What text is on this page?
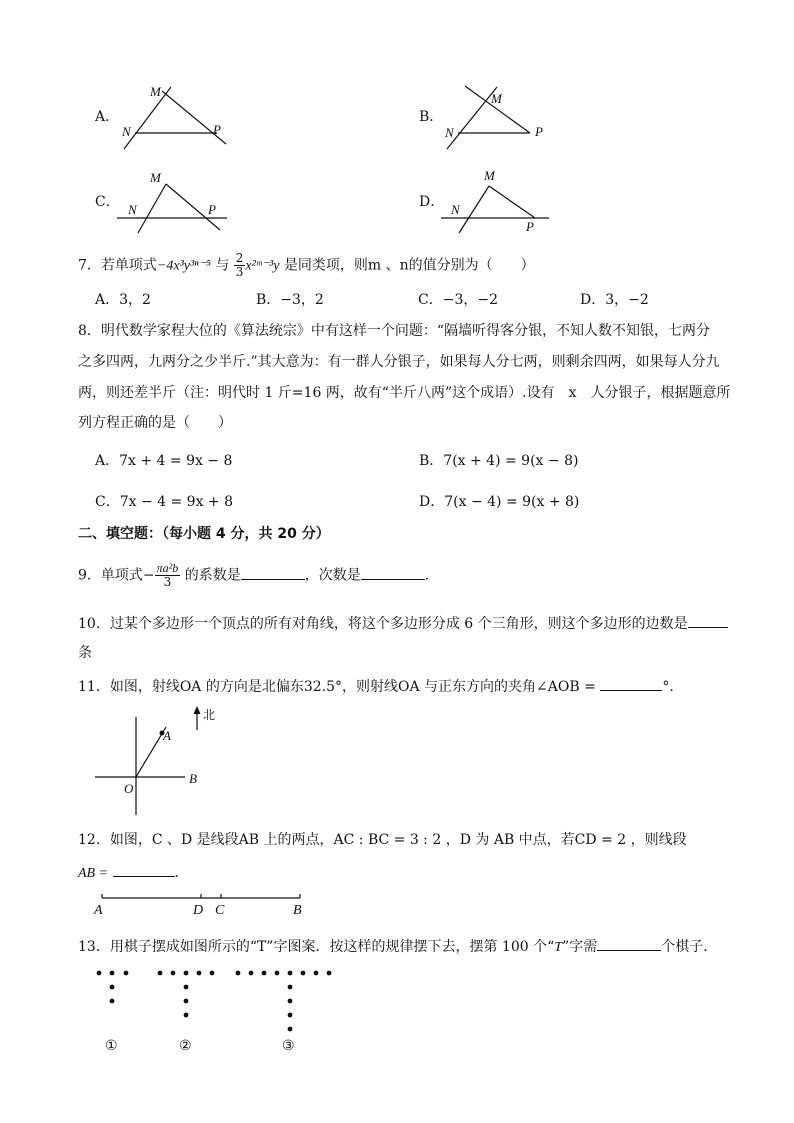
A．
M
N	P
B．
M
N	P
C．
M
N	P	D．
M
N
P
7．若单项式−4x³y³ⁿ⁻⁵ 与 $\frac{2}{3}$ x²ᵐ⁻³y 是同类项，则m 、n的值分别为（　　）
A．3，2	B．−3，2	C．−3，−2	D．3，−2
8．明代数学家程大位的《算法统宗》中有这样一个问题：“隔墙听得客分银，不知人数不知银，七两分
之多四两，九两分之少半斤.”其大意为：有一群人分银子，如果每人分七两，则剩余四两，如果每人分九
两，则还差半斤（注：明代时 1 斤=16 两，故有“半斤八两”这个成语）.设有　x　人分银子，根据题意所
列方程正确的是（　　）
A．7x + 4 = 9x − 8	B．7(x + 4) = 9(x − 8)
C．7x − 4 = 9x + 8	D．7(x − 4) = 9(x + 8)
二、填空题：（每小题 4 分，共 20 分）
9．单项式− $\frac{\text{πa²b}}{3}$ 的系数是	，次数是	.
10．过某个多边形一个顶点的所有对角线，将这个多边形分成 6 个三角形，则这个多边形的边数是
条
11．如图，射线OA 的方向是北偏东32.5°，则射线OA 与正东方向的夹角∠AOB =	°.
北
A
B
O
12．如图，C 、D 是线段AB 上的两点，AC : BC = 3 : 2 ，D 为 AB 中点，若CD = 2 ，则线段
AB =	.
A	D C	B
13．用棋子摆成如图所示的“T”字图案．按这样的规律摆下去，摆第 100 个“T”字需	个棋子．
①	②	③
